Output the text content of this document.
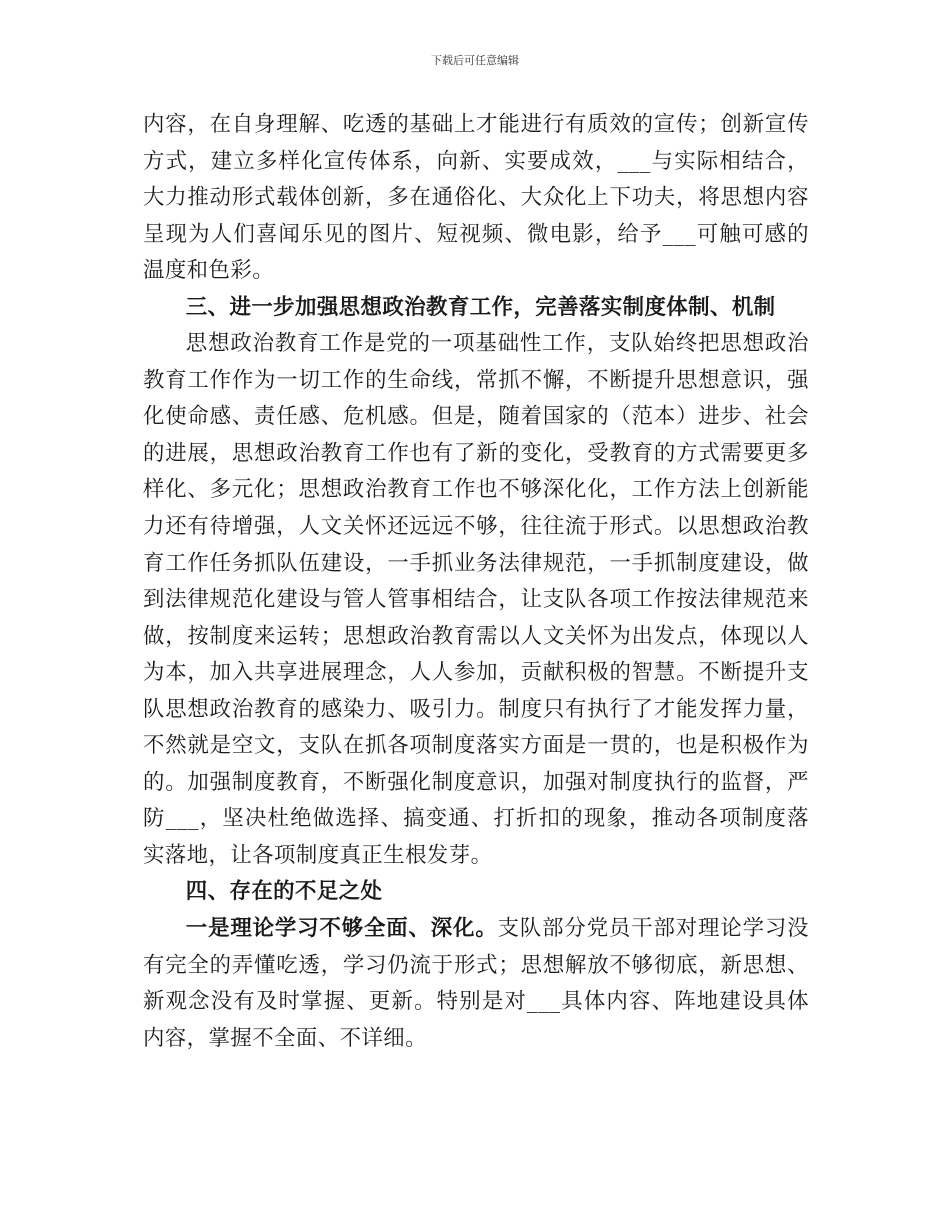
下载后可任意编辑

内容，在自身理解、吃透的基础上才能进行有质效的宣传；创新宣传方式，建立多样化宣传体系，向新、实要成效，___与实际相结合，大力推动形式载体创新，多在通俗化、大众化上下功夫，将思想内容呈现为人们喜闻乐见的图片、短视频、微电影，给予___可触可感的温度和色彩。

三、进一步加强思想政治教育工作，完善落实制度体制、机制

思想政治教育工作是党的一项基础性工作，支队始终把思想政治教育工作作为一切工作的生命线，常抓不懈，不断提升思想意识，强化使命感、责任感、危机感。但是，随着国家的（范本）进步、社会的进展，思想政治教育工作也有了新的变化，受教育的方式需要更多样化、多元化；思想政治教育工作也不够深化化，工作方法上创新能力还有待增强，人文关怀还远远不够，往往流于形式。以思想政治教育工作任务抓队伍建设，一手抓业务法律规范，一手抓制度建设，做到法律规范化建设与管人管事相结合，让支队各项工作按法律规范来做，按制度来运转；思想政治教育需以人文关怀为出发点，体现以人为本，加入共享进展理念，人人参加，贡献积极的智慧。不断提升支队思想政治教育的感染力、吸引力。制度只有执行了才能发挥力量，不然就是空文，支队在抓各项制度落实方面是一贯的，也是积极作为的。加强制度教育，不断强化制度意识，加强对制度执行的监督，严防___，坚决杜绝做选择、搞变通、打折扣的现象，推动各项制度落实落地，让各项制度真正生根发芽。

四、存在的不足之处

一是理论学习不够全面、深化。支队部分党员干部对理论学习没有完全的弄懂吃透，学习仍流于形式；思想解放不够彻底，新思想、新观念没有及时掌握、更新。特别是对___具体内容、阵地建设具体内容，掌握不全面、不详细。
